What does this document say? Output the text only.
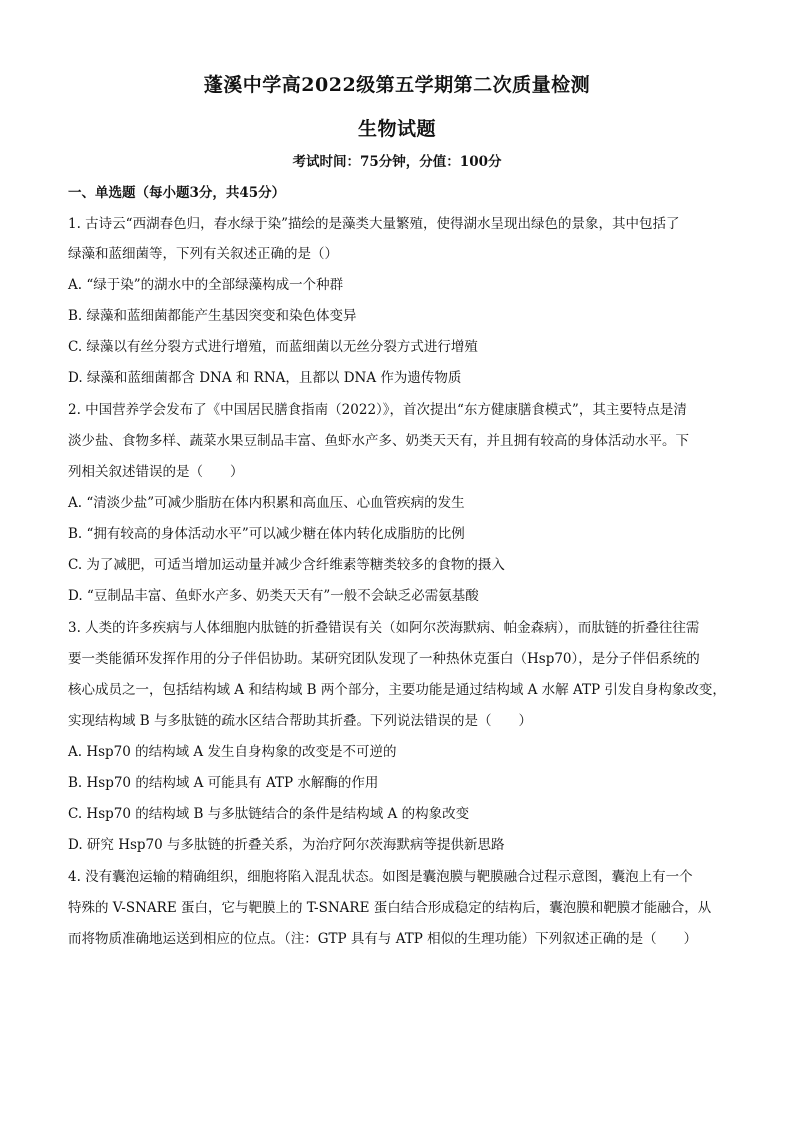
蓬溪中学高2022级第五学期第二次质量检测
生物试题
考试时间：75分钟，分值：100分
一、单选题（每小题3分，共45分）
1. 古诗云“西湖春色归，春水绿于染”描绘的是藻类大量繁殖，使得湖水呈现出绿色的景象，其中包括了
绿藻和蓝细菌等，下列有关叙述正确的是（）
A. “绿于染”的湖水中的全部绿藻构成一个种群
B. 绿藻和蓝细菌都能产生基因突变和染色体变异
C. 绿藻以有丝分裂方式进行增殖，而蓝细菌以无丝分裂方式进行增殖
D. 绿藻和蓝细菌都含 DNA 和 RNA，且都以 DNA 作为遗传物质
2. 中国营养学会发布了《中国居民膳食指南（2022）》，首次提出“东方健康膳食模式”，其主要特点是清
淡少盐、食物多样、蔬菜水果豆制品丰富、鱼虾水产多、奶类天天有，并且拥有较高的身体活动水平。下
列相关叙述错误的是（　　）
A. “清淡少盐”可减少脂肪在体内积累和高血压、心血管疾病的发生
B. “拥有较高的身体活动水平”可以减少糖在体内转化成脂肪的比例
C. 为了减肥，可适当增加运动量并减少含纤维素等糖类较多的食物的摄入
D. “豆制品丰富、鱼虾水产多、奶类天天有”一般不会缺乏必需氨基酸
3. 人类的许多疾病与人体细胞内肽链的折叠错误有关（如阿尔茨海默病、帕金森病），而肽链的折叠往往需
要一类能循环发挥作用的分子伴侣协助。某研究团队发现了一种热休克蛋白（Hsp70），是分子伴侣系统的
核心成员之一，包括结构域 A 和结构域 B 两个部分，主要功能是通过结构域 A 水解 ATP 引发自身构象改变，
实现结构域 B 与多肽链的疏水区结合帮助其折叠。下列说法错误的是（　　）
A. Hsp70 的结构域 A 发生自身构象的改变是不可逆的
B. Hsp70 的结构域 A 可能具有 ATP 水解酶的作用
C. Hsp70 的结构域 B 与多肽链结合的条件是结构域 A 的构象改变
D. 研究 Hsp70 与多肽链的折叠关系，为治疗阿尔茨海默病等提供新思路
4. 没有囊泡运输的精确组织，细胞将陷入混乱状态。如图是囊泡膜与靶膜融合过程示意图，囊泡上有一个
特殊的 V-SNARE 蛋白，它与靶膜上的 T-SNARE 蛋白结合形成稳定的结构后，囊泡膜和靶膜才能融合，从
而将物质准确地运送到相应的位点。（注：GTP 具有与 ATP 相似的生理功能）下列叙述正确的是（　　）
